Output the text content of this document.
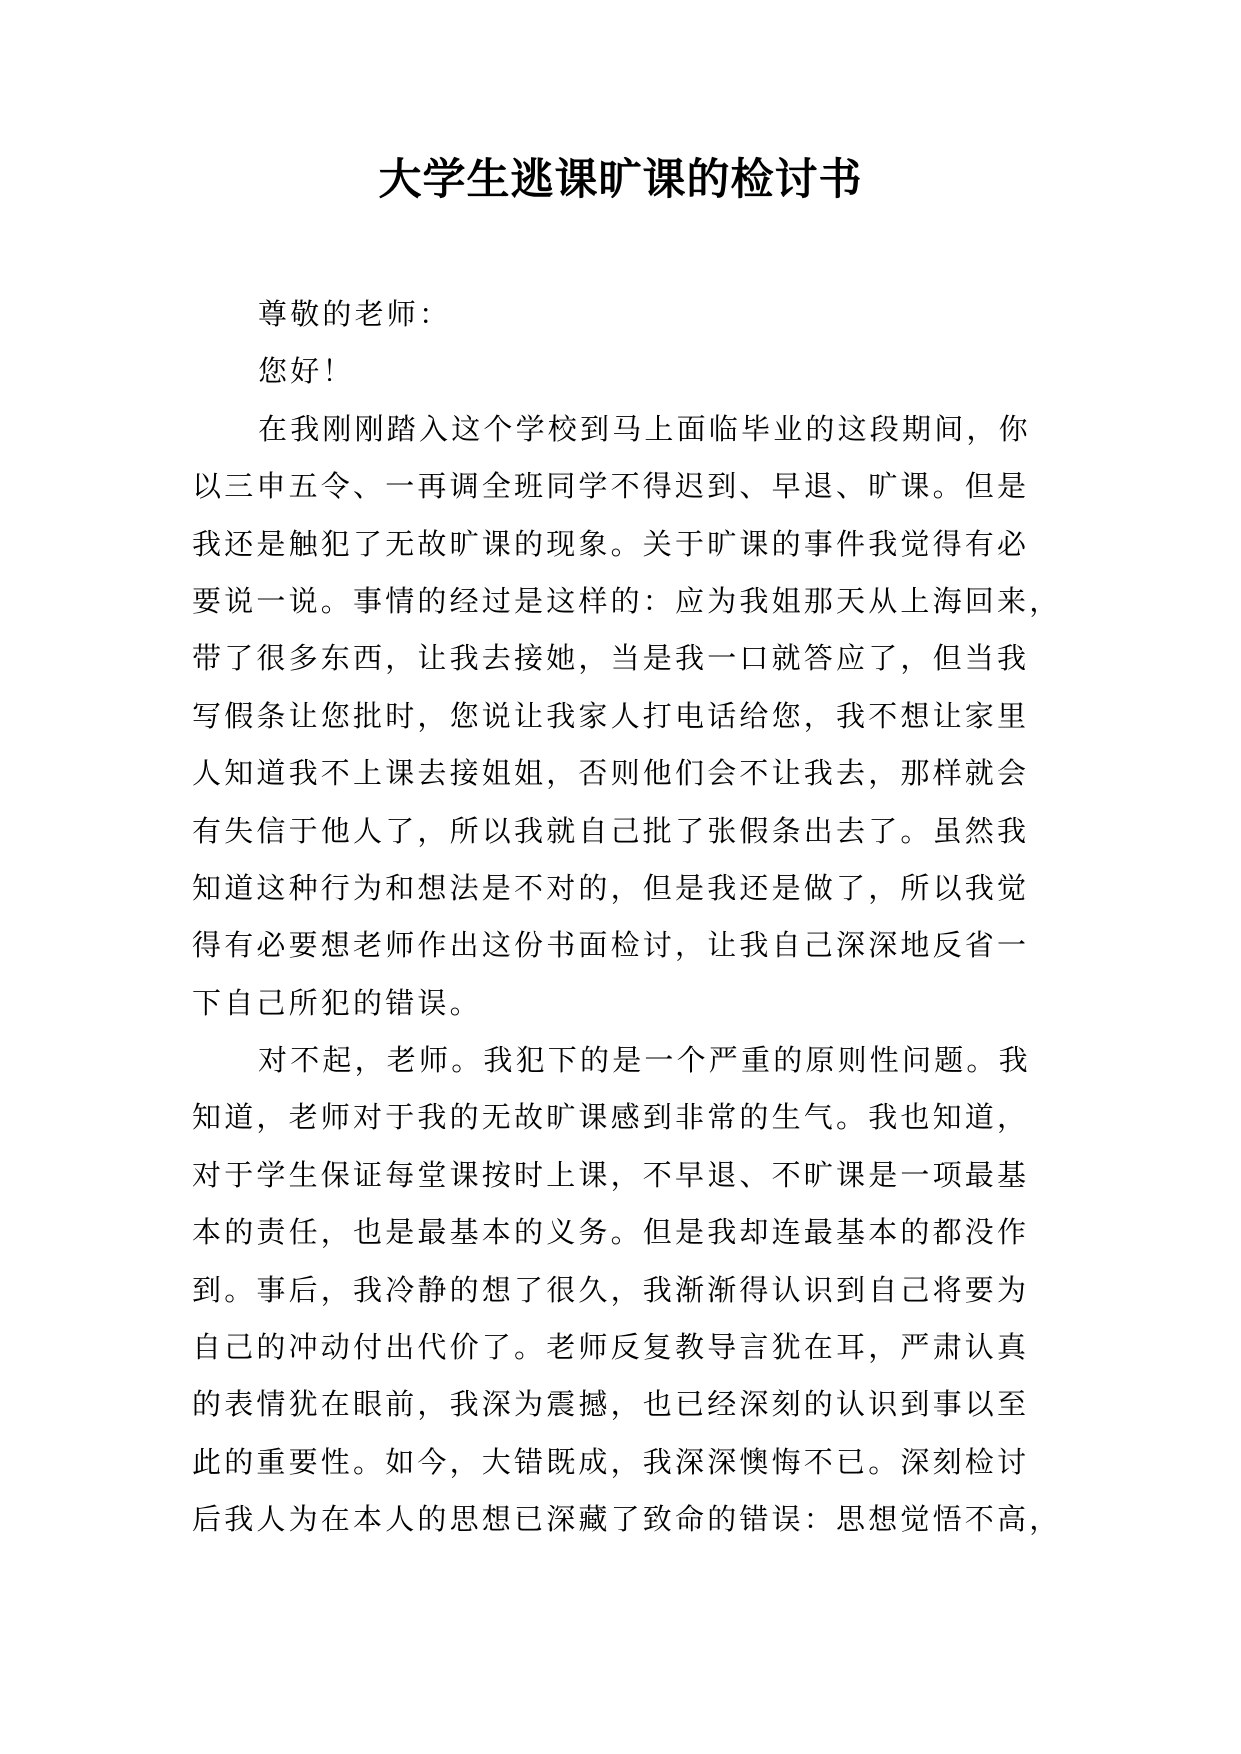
大学生逃课旷课的检讨书
尊敬的老师：
您好！
在我刚刚踏入这个学校到马上面临毕业的这段期间，你
以三申五令、一再调全班同学不得迟到、早退、旷课。但是
我还是触犯了无故旷课的现象。关于旷课的事件我觉得有必
要说一说。事情的经过是这样的：应为我姐那天从上海回来，
带了很多东西，让我去接她，当是我一口就答应了，但当我
写假条让您批时，您说让我家人打电话给您，我不想让家里
人知道我不上课去接姐姐，否则他们会不让我去，那样就会
有失信于他人了，所以我就自己批了张假条出去了。虽然我
知道这种行为和想法是不对的，但是我还是做了，所以我觉
得有必要想老师作出这份书面检讨，让我自己深深地反省一
下自己所犯的错误。
对不起，老师。我犯下的是一个严重的原则性问题。我
知道，老师对于我的无故旷课感到非常的生气。我也知道，
对于学生保证每堂课按时上课，不早退、不旷课是一项最基
本的责任，也是最基本的义务。但是我却连最基本的都没作
到。事后，我冷静的想了很久，我渐渐得认识到自己将要为
自己的冲动付出代价了。老师反复教导言犹在耳，严肃认真
的表情犹在眼前，我深为震撼，也已经深刻的认识到事以至
此的重要性。如今，大错既成，我深深懊悔不已。深刻检讨
后我人为在本人的思想已深藏了致命的错误：思想觉悟不高，
